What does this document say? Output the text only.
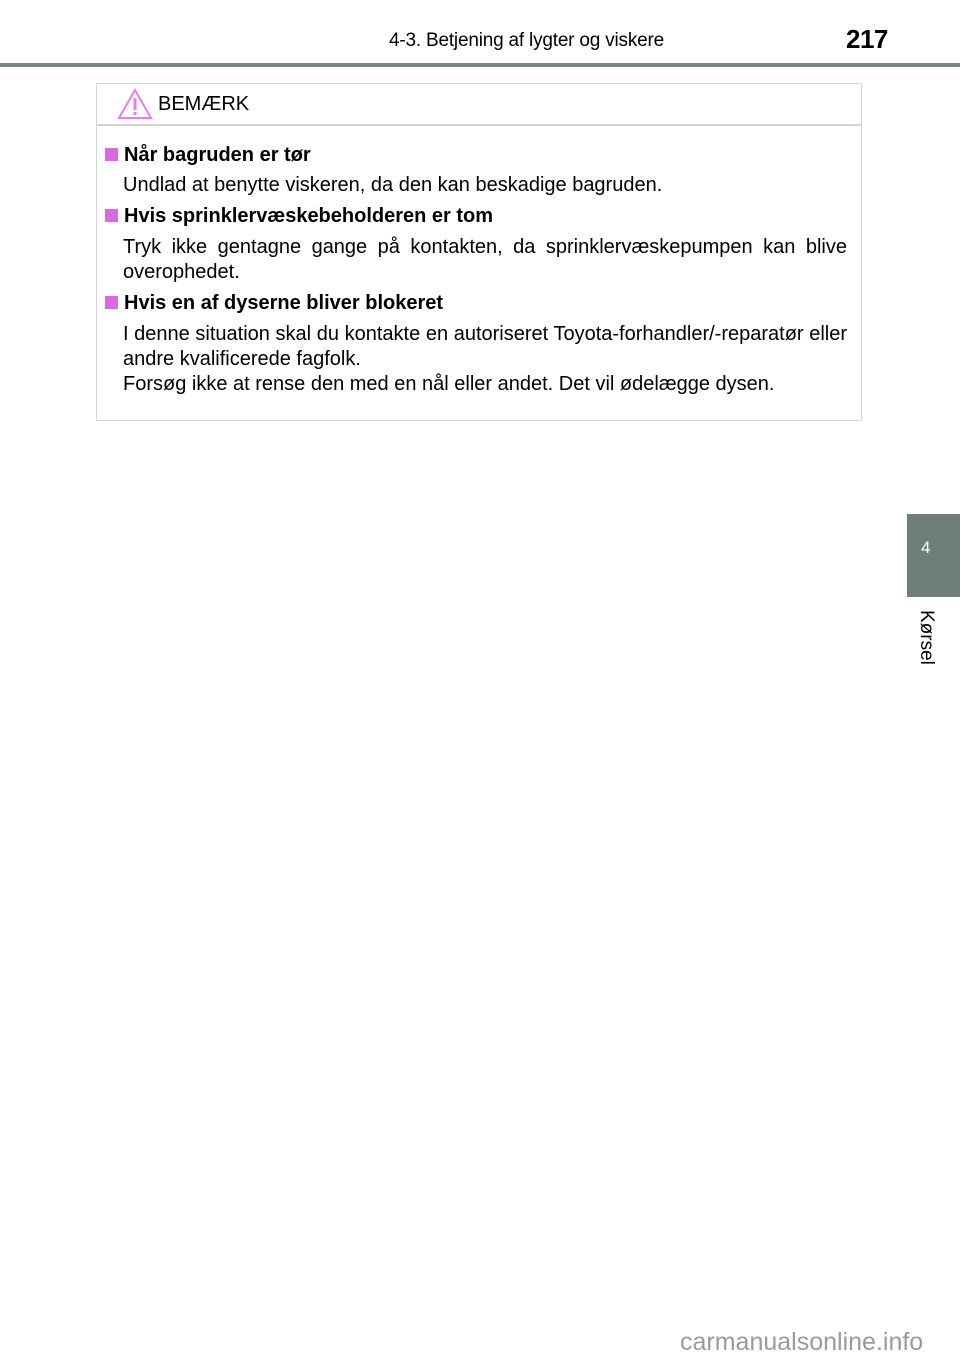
4-3. Betjening af lygter og viskere	217
BEMÆRK
Når bagruden er tør
Undlad at benytte viskeren, da den kan beskadige bagruden.
Hvis sprinklervæskebeholderen er tom
Tryk ikke gentagne gange på kontakten, da sprinklervæskepumpen kan blive overophedet.
Hvis en af dyserne bliver blokeret
I denne situation skal du kontakte en autoriseret Toyota-forhandler/-reparatør eller andre kvalificerede fagfolk.
Forsøg ikke at rense den med en nål eller andet. Det vil ødelægge dysen.
4
Kørsel
carmanualsonline.info
